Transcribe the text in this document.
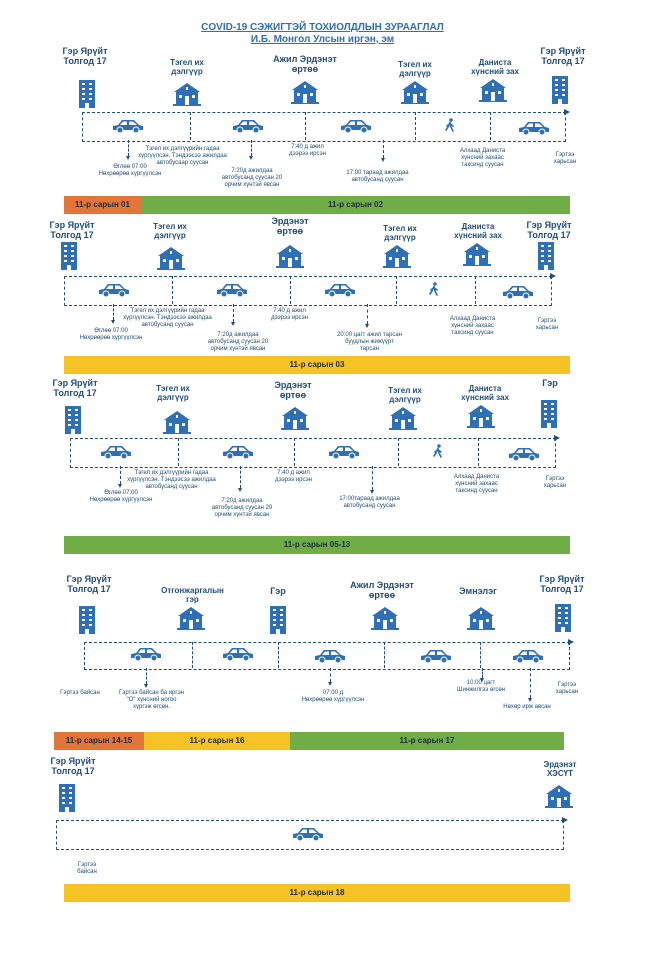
COVID-19 СЭЖИГТЭЙ ТОХИОЛДЛЫН ЗУРААГЛАЛ
И.Б. Монгол Улсын иргэн, эм
Гэр Ярүйт
Толгод 17	Тэгел их
дэлгүүр
Ажил Эрдэнэт
өртөө	Тэгел их
дэлгүүр
Даниста
хүнсний зах
Гэр Ярүйт
Толгод 17
Өглөө 07:00
Нөхрөөрөө хүргүүлсэн
Тэгел их дэлгүүрийн гадаа
хүргүүлсэн. Тэндээсээ ажилдаа
автобусаар суусан
7:20д ажилдаа
автобусанд суусан 20
орчим хүнтэй явсан
7:40 д ажил
дээрээ ирсэн
17:00 тараад ажилдаа
автобусанд суусан
Алхаад Даниста
хүнсний захаас
таксинд суусан
Гэртээ
харьсан
11-р сарын 01	11-р сарын 02
Гэр Ярүйт
Толгод 17
Тэгел их
дэлгүүр
Эрдэнэт
өртөө	Тэгел их
дэлгүүр
Даниста
хүнсний зах
Гэр Ярүйт
Толгод 17
Өглөө 07:00
Нөхрөөрөө хүргүүлсэн
Тэгел их дэлгүүрийн гадаа
хүргүүлсэн. Тэндээсээ ажилдаа
автобусанд суусан
7:20д ажилдаа
автобусанд суусан 20
орчим хүнтэй явсан
7:40 д ажил
дээрээ ирсэн
20:00 цагт ажил тарсан
буудлын жижүүрт
тарсан
Алхаад Даниста
хүнсний захаас
таксинд суусан
Гэртээ
харьсан
11-р сарын 03
Гэр Ярүйт
Толгод 17	Тэгел их
дэлгүүр
Эрдэнэт
өртөө	Тэгел их
дэлгүүр
Даниста
хүнсний зах
Гэр
Өглөө 07:00
Нөхрөөрөө хүргүүлсэн
Тэгел их дэлгүүрийн гадаа
хүргүүлсэн. Тэндээсээ ажилдаа
автобусанд суусан
7:20д ажилдаа
автобусанд суусан 20
орчим хүнтэй явсан
7:40 д ажил
дээрээ ирсэн
17:00тараад ажилдаа
автобусанд суусан
Алхаад Даниста
хүнсний захаас
таксинд суусан
Гэртээ
харьсан
11-р сарын 05-13
Гэр Ярүйт
Толгод 17	Отгонжаргалын
гэр
Гэр
Ажил Эрдэнэт
өртөө	Эмнэлэг
Гэр Ярүйт
Толгод 17
Гэртээ байсан	Гэртээ байсан ба иргэн
"О" хүнсний ногоо
хүргэж өгсөн.
07:00 д
Нөхрөөрөө хүргүүлсэн
10:00 цагт
Шинжилгээ өгсөн
Нөхөр ирж авсан
Гэртээ
харьсан
11-р сарын 14-15	11-р сарын 16	11-р сарын 17
Гэр Ярүйт
Толгод 17
Эрдэнэт
ХЭСҮТ
Гэртээ
байсан
11-р сарын 18
